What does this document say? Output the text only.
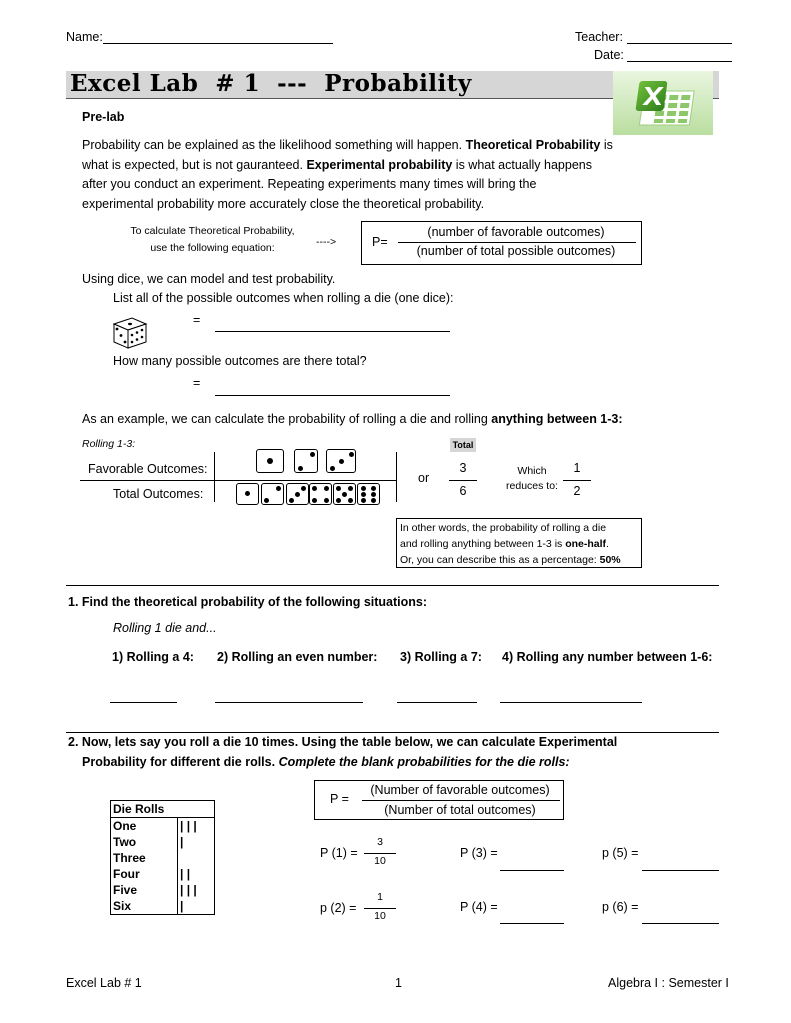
Name:	Teacher:
Date:
Excel Lab  # 1  ---  Probability
Pre-lab
Probability can be explained as the likelihood something will happen. Theoretical Probability is
what is expected, but is not gauranteed. Experimental probability is what actually happens
after you conduct an experiment. Repeating experiments many times will bring the
experimental probability more accurately close the theoretical probability.
To calculate Theoretical Probability,
use the following equation:	---->	P=
(number of favorable outcomes)
(number of total possible outcomes)
Using dice, we can model and test probability.
List all of the possible outcomes when rolling a die (one dice):
=
How many possible outcomes are there total?
=
As an example, we can calculate the probability of rolling a die and rolling anything between 1-3:
Rolling 1-3:
Favorable Outcomes:
Total Outcomes:
or
Total
3
6
Which
reduces to:
1
2
In other words, the probability of rolling a die
and rolling anything between 1-3 is one-half.
Or, you can describe this as a percentage: 50%
1. Find the theoretical probability of the following situations:
Rolling 1 die and...
1) Rolling a 4: 2) Rolling an even number: 3) Rolling a 7: 4) Rolling any number between 1-6:
2. Now, lets say you roll a die 10 times. Using the table below, we can calculate Experimental
Probability for different die rolls. Complete the blank probabilities for the die rolls:
P =
(Number of favorable outcomes)
(Number of total outcomes)
Die Rolls	
One	| | |
Two	|
Three	
Four	| |
Five	| | |
Six	|
P (1) =
3
10
p (2) =
1
10
P (3) =
P (4) =
p (5) =
p (6) =
Excel Lab # 1	1	Algebra I : Semester I
